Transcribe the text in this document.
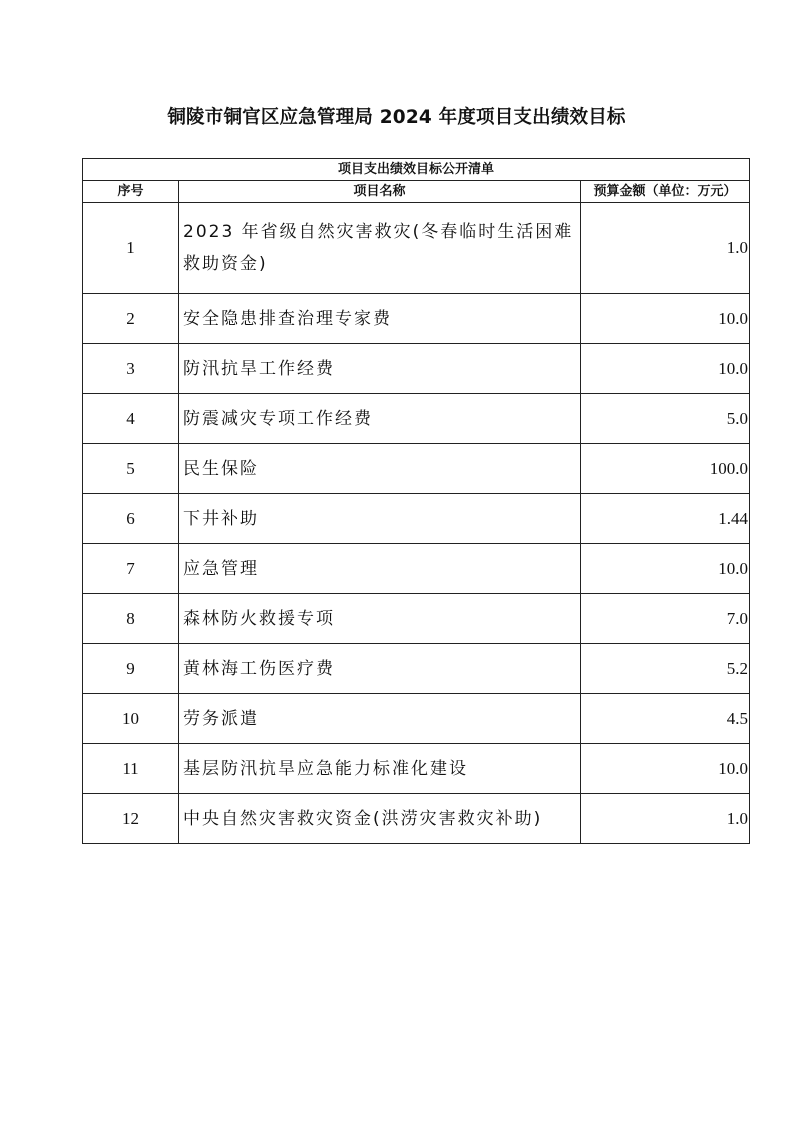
铜陵市铜官区应急管理局 2024 年度项目支出绩效目标
项目支出绩效目标公开清单		
序号	项目名称	预算金额（单位：万元）
1	2023 年省级自然灾害救灾(冬春临时生活困难救助资金)	1.0
2	安全隐患排查治理专家费	10.0
3	防汛抗旱工作经费	10.0
4	防震减灾专项工作经费	5.0
5	民生保险	100.0
6	下井补助	1.44
7	应急管理	10.0
8	森林防火救援专项	7.0
9	黄林海工伤医疗费	5.2
10	劳务派遣	4.5
11	基层防汛抗旱应急能力标准化建设	10.0
12	中央自然灾害救灾资金(洪涝灾害救灾补助)	1.0
